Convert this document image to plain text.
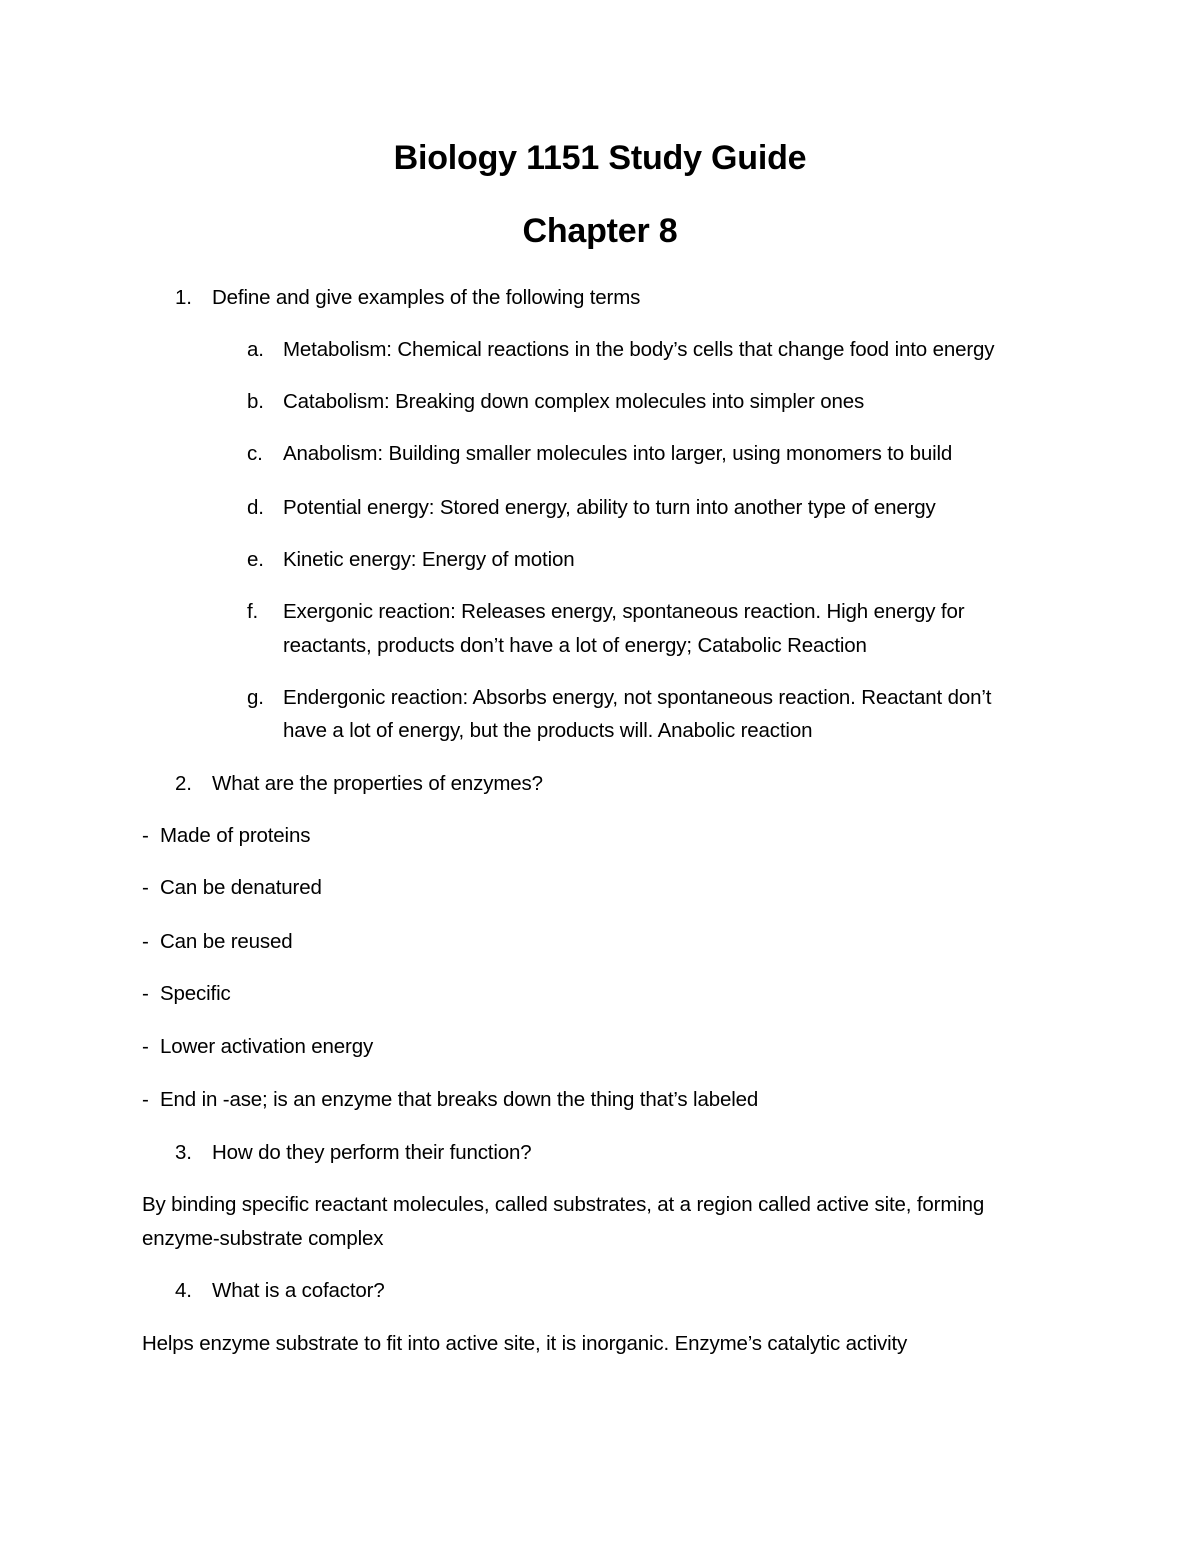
Biology 1151 Study Guide
Chapter 8
1. Define and give examples of the following terms
a. Metabolism: Chemical reactions in the body’s cells that change food into energy
b. Catabolism: Breaking down complex molecules into simpler ones
c. Anabolism: Building smaller molecules into larger, using monomers to build
d. Potential energy: Stored energy, ability to turn into another type of energy
e. Kinetic energy: Energy of motion
f. Exergonic reaction: Releases energy, spontaneous reaction. High energy for
reactants, products don’t have a lot of energy; Catabolic Reaction
g. Endergonic reaction: Absorbs energy, not spontaneous reaction. Reactant don’t
have a lot of energy, but the products will. Anabolic reaction
2. What are the properties of enzymes?
- Made of proteins
- Can be denatured
- Can be reused
- Specific
- Lower activation energy
- End in -ase; is an enzyme that breaks down the thing that’s labeled
3. How do they perform their function?
By binding specific reactant molecules, called substrates, at a region called active site, forming
enzyme-substrate complex
4. What is a cofactor?
Helps enzyme substrate to fit into active site, it is inorganic. Enzyme’s catalytic activity
